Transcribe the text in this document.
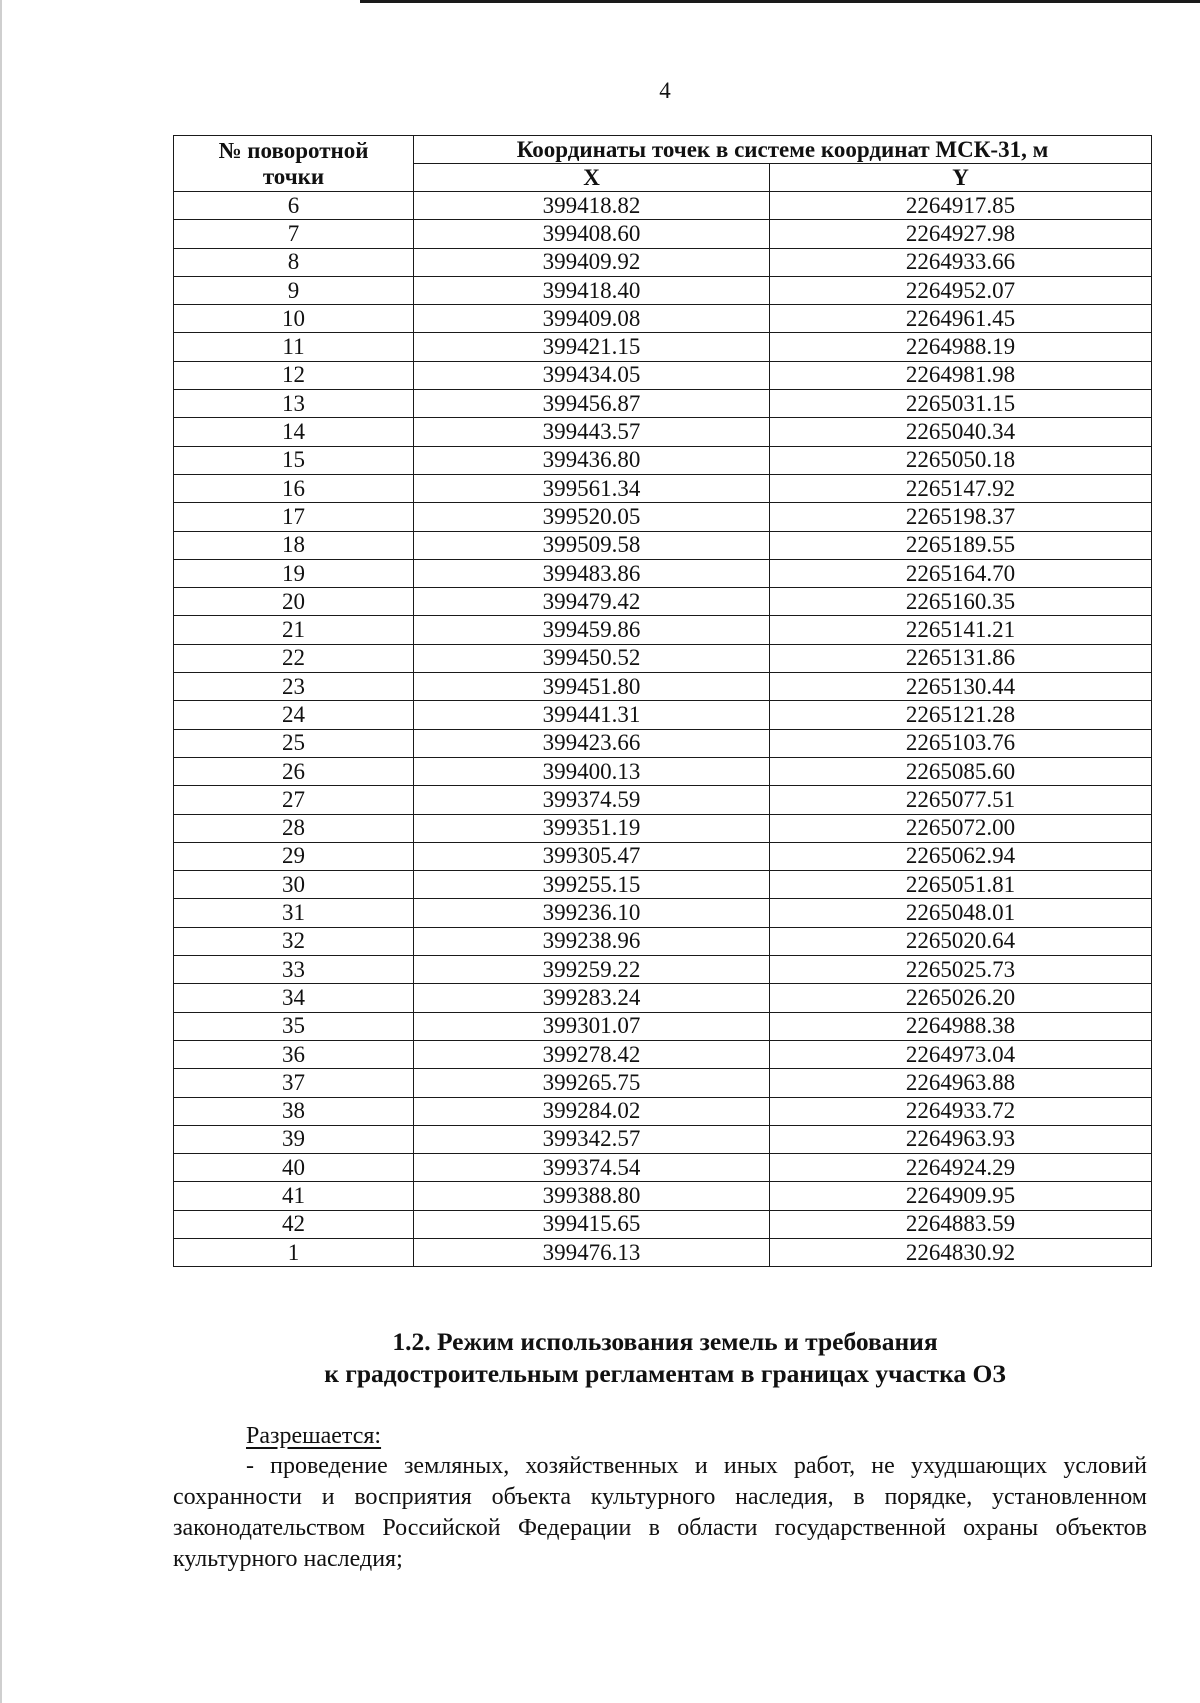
4
№ поворотной
точки	Координаты точек в системе координат МСК-31, м	
	X	Y
6	399418.82	2264917.85
7	399408.60	2264927.98
8	399409.92	2264933.66
9	399418.40	2264952.07
10	399409.08	2264961.45
11	399421.15	2264988.19
12	399434.05	2264981.98
13	399456.87	2265031.15
14	399443.57	2265040.34
15	399436.80	2265050.18
16	399561.34	2265147.92
17	399520.05	2265198.37
18	399509.58	2265189.55
19	399483.86	2265164.70
20	399479.42	2265160.35
21	399459.86	2265141.21
22	399450.52	2265131.86
23	399451.80	2265130.44
24	399441.31	2265121.28
25	399423.66	2265103.76
26	399400.13	2265085.60
27	399374.59	2265077.51
28	399351.19	2265072.00
29	399305.47	2265062.94
30	399255.15	2265051.81
31	399236.10	2265048.01
32	399238.96	2265020.64
33	399259.22	2265025.73
34	399283.24	2265026.20
35	399301.07	2264988.38
36	399278.42	2264973.04
37	399265.75	2264963.88
38	399284.02	2264933.72
39	399342.57	2264963.93
40	399374.54	2264924.29
41	399388.80	2264909.95
42	399415.65	2264883.59
1	399476.13	2264830.92
1.2. Режим использования земель и требования
к градостроительным регламентам в границах участка ОЗ
Разрешается:
- проведение земляных, хозяйственных и иных работ, не ухудшающих условий сохранности и восприятия объекта культурного наследия, в порядке, установленном законодательством Российской Федерации в области государственной охраны объектов культурного наследия;
